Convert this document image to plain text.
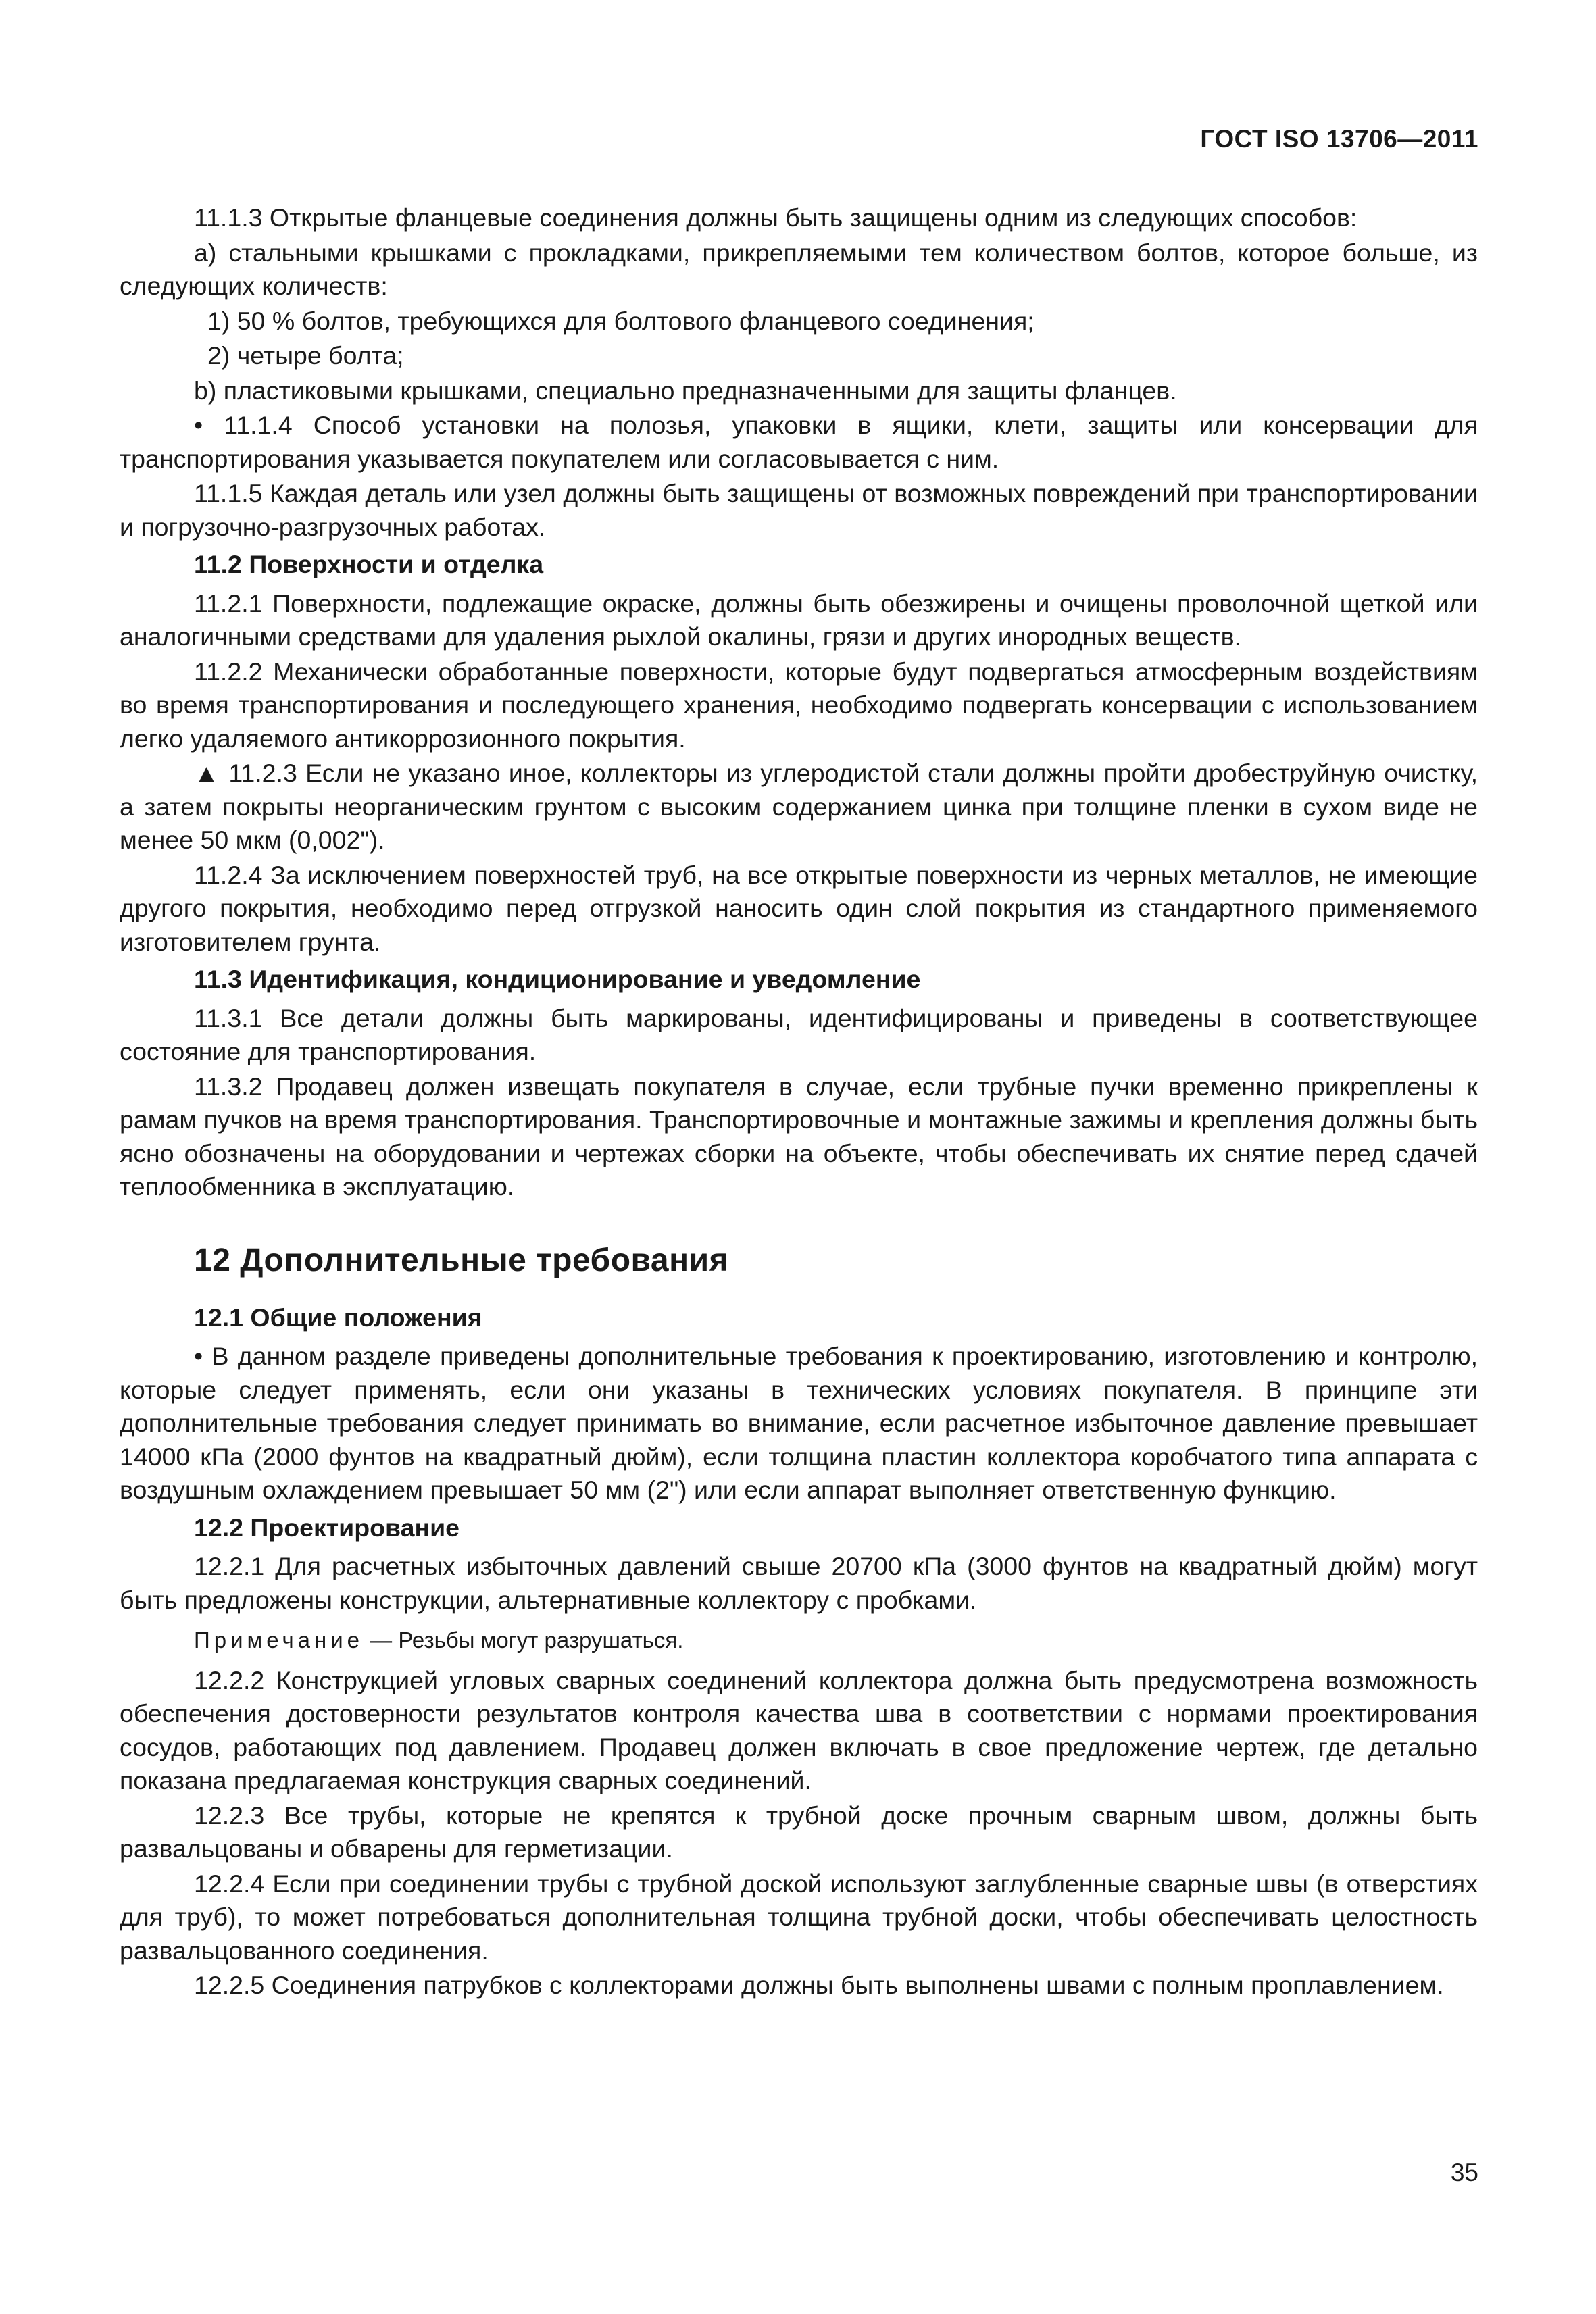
ГОСТ ISO 13706—2011

11.1.3 Открытые фланцевые соединения должны быть защищены одним из следующих способов:

а) стальными крышками с прокладками, прикрепляемыми тем количеством болтов, которое больше, из следующих количеств:

1) 50 % болтов, требующихся для болтового фланцевого соединения;

2) четыре болта;

b) пластиковыми крышками, специально предназначенными для защиты фланцев.

• 11.1.4 Способ установки на полозья, упаковки в ящики, клети, защиты или консервации для транспортирования указывается покупателем или согласовывается с ним.

11.1.5 Каждая деталь или узел должны быть защищены от возможных повреждений при транспортировании и погрузочно-разгрузочных работах.

11.2 Поверхности и отделка

11.2.1 Поверхности, подлежащие окраске, должны быть обезжирены и очищены проволочной щеткой или аналогичными средствами для удаления рыхлой окалины, грязи и других инородных веществ.

11.2.2 Механически обработанные поверхности, которые будут подвергаться атмосферным воздействиям во время транспортирования и последующего хранения, необходимо подвергать консервации с использованием легко удаляемого антикоррозионного покрытия.

▲ 11.2.3 Если не указано иное, коллекторы из углеродистой стали должны пройти дробеструйную очистку, а затем покрыты неорганическим грунтом с высоким содержанием цинка при толщине пленки в сухом виде не менее 50 мкм (0,002").

11.2.4 За исключением поверхностей труб, на все открытые поверхности из черных металлов, не имеющие другого покрытия, необходимо перед отгрузкой наносить один слой покрытия из стандартного применяемого изготовителем грунта.

11.3 Идентификация, кондиционирование и уведомление

11.3.1 Все детали должны быть маркированы, идентифицированы и приведены в соответствующее состояние для транспортирования.

11.3.2 Продавец должен извещать покупателя в случае, если трубные пучки временно прикреплены к рамам пучков на время транспортирования. Транспортировочные и монтажные зажимы и крепления должны быть ясно обозначены на оборудовании и чертежах сборки на объекте, чтобы обеспечивать их снятие перед сдачей теплообменника в эксплуатацию.

12 Дополнительные требования

12.1 Общие положения

• В данном разделе приведены дополнительные требования к проектированию, изготовлению и контролю, которые следует применять, если они указаны в технических условиях покупателя. В принципе эти дополнительные требования следует принимать во внимание, если расчетное избыточное давление превышает 14000 кПа (2000 фунтов на квадратный дюйм), если толщина пластин коллектора коробчатого типа аппарата с воздушным охлаждением превышает 50 мм (2") или если аппарат выполняет ответственную функцию.

12.2 Проектирование

12.2.1 Для расчетных избыточных давлений свыше 20700 кПа (3000 фунтов на квадратный дюйм) могут быть предложены конструкции, альтернативные коллектору с пробками.

Примечание — Резьбы могут разрушаться.

12.2.2 Конструкцией угловых сварных соединений коллектора должна быть предусмотрена возможность обеспечения достоверности результатов контроля качества шва в соответствии с нормами проектирования сосудов, работающих под давлением. Продавец должен включать в свое предложение чертеж, где детально показана предлагаемая конструкция сварных соединений.

12.2.3 Все трубы, которые не крепятся к трубной доске прочным сварным швом, должны быть развальцованы и обварены для герметизации.

12.2.4 Если при соединении трубы с трубной доской используют заглубленные сварные швы (в отверстиях для труб), то может потребоваться дополнительная толщина трубной доски, чтобы обеспечивать целостность развальцованного соединения.

12.2.5 Соединения патрубков с коллекторами должны быть выполнены швами с полным проплавлением.

35
